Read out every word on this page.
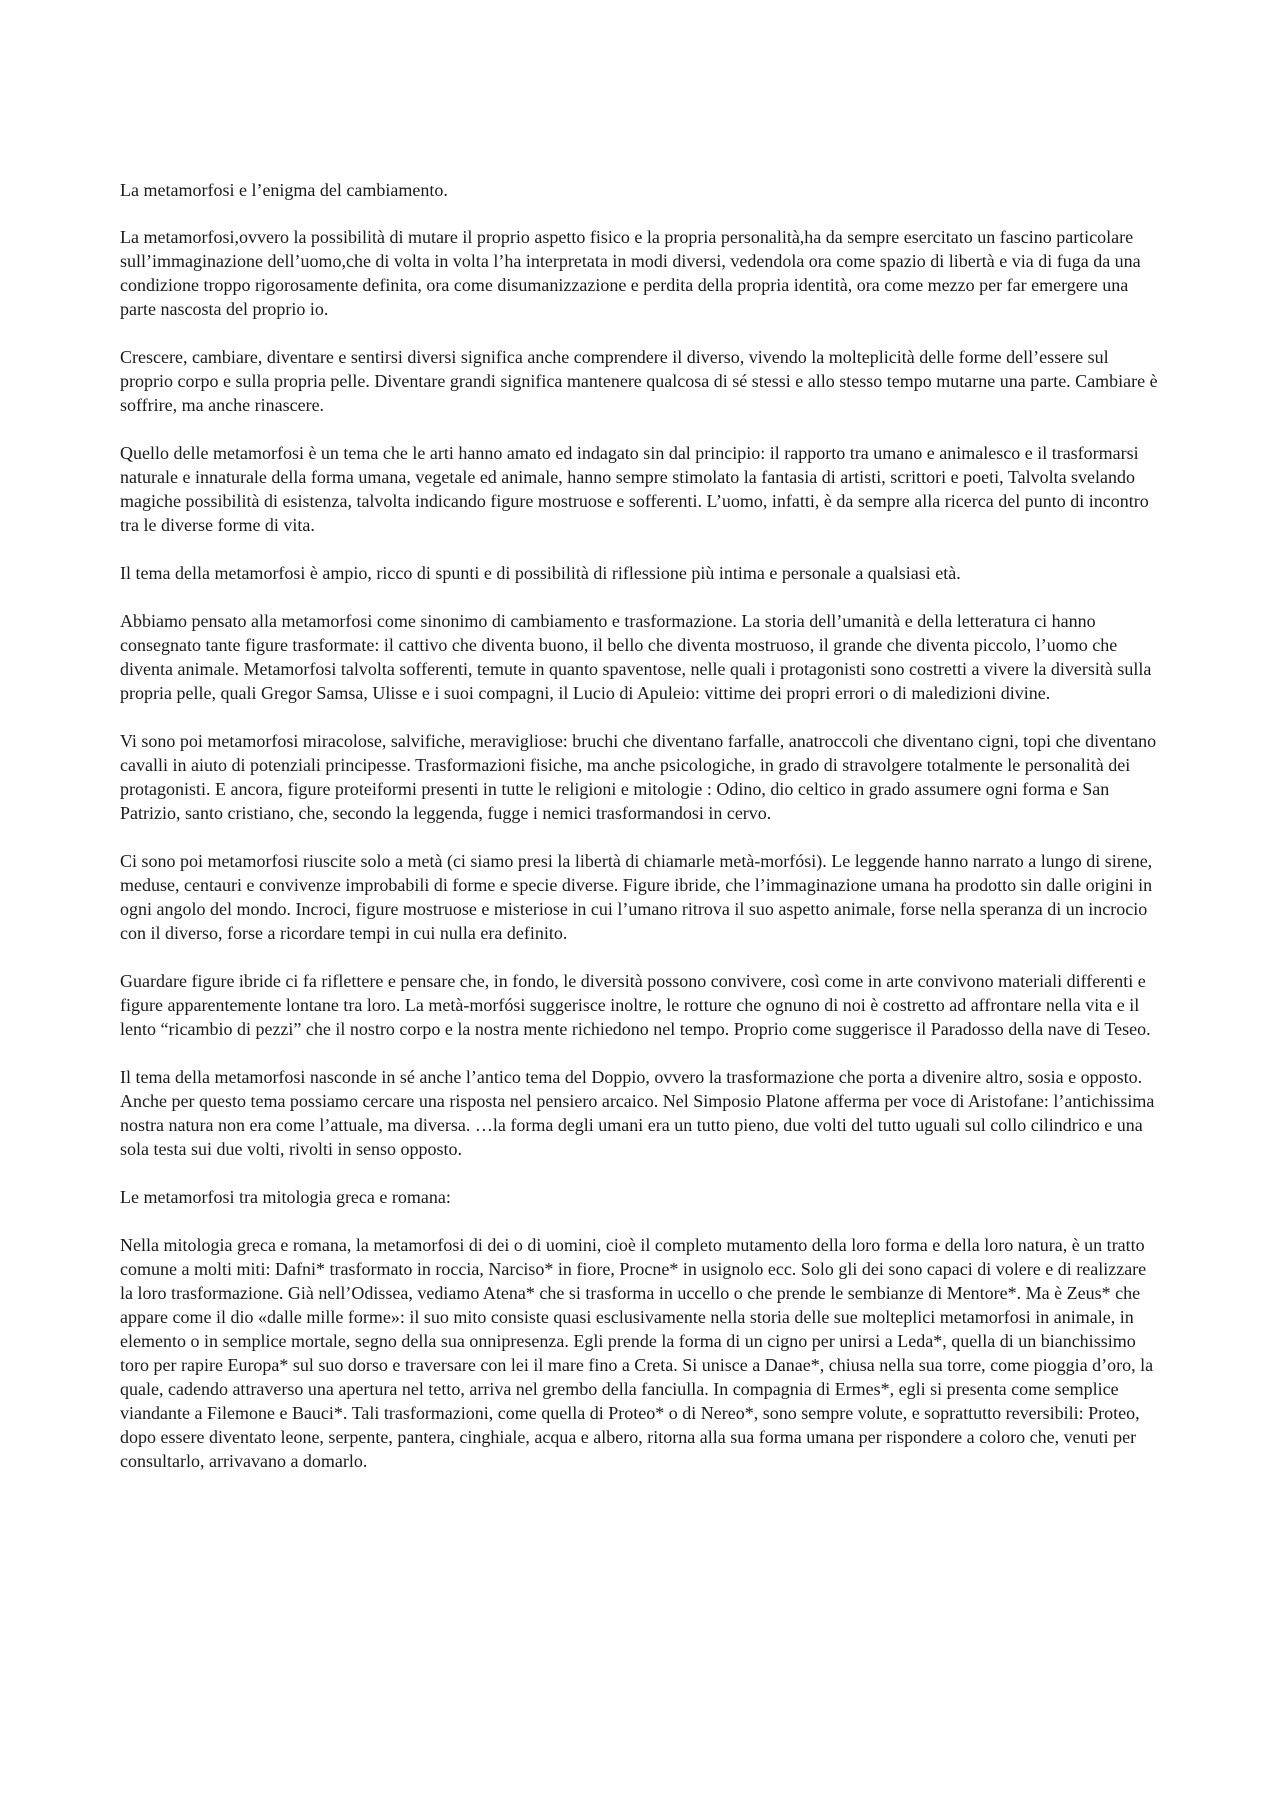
La metamorfosi e l’enigma del cambiamento.

La metamorfosi,ovvero la possibilità di mutare il proprio aspetto fisico e la propria personalità,ha da sempre esercitato un fascino particolare sull’immaginazione dell’uomo,che di volta in volta l’ha interpretata in modi diversi, vedendola ora come spazio di libertà e via di fuga da una condizione troppo rigorosamente definita, ora come disumanizzazione e perdita della propria identità, ora come mezzo per far emergere una parte nascosta del proprio io.

Crescere, cambiare, diventare e sentirsi diversi significa anche comprendere il diverso, vivendo la molteplicità delle forme dell’essere sul proprio corpo e sulla propria pelle. Diventare grandi significa mantenere qualcosa di sé stessi e allo stesso tempo mutarne una parte. Cambiare è soffrire, ma anche rinascere.

Quello delle metamorfosi è un tema che le arti hanno amato ed indagato sin dal principio: il rapporto tra umano e animalesco e il trasformarsi naturale e innaturale della forma umana, vegetale ed animale, hanno sempre stimolato la fantasia di artisti, scrittori e poeti, Talvolta svelando magiche possibilità di esistenza, talvolta indicando figure mostruose e sofferenti. L’uomo, infatti, è da sempre alla ricerca del punto di incontro tra le diverse forme di vita.

Il tema della metamorfosi è ampio, ricco di spunti e di possibilità di riflessione più intima e personale a qualsiasi età.

Abbiamo pensato alla metamorfosi come sinonimo di cambiamento e trasformazione. La storia dell’umanità e della letteratura ci hanno consegnato tante figure trasformate: il cattivo che diventa buono, il bello che diventa mostruoso, il grande che diventa piccolo, l’uomo che diventa animale. Metamorfosi talvolta sofferenti, temute in quanto spaventose, nelle quali i protagonisti sono costretti a vivere la diversità sulla propria pelle, quali Gregor Samsa, Ulisse e i suoi compagni, il Lucio di Apuleio: vittime dei propri errori o di maledizioni divine.

Vi sono poi metamorfosi miracolose, salvifiche, meravigliose: bruchi che diventano farfalle, anatroccoli che diventano cigni, topi che diventano cavalli in aiuto di potenziali principesse. Trasformazioni fisiche, ma anche psicologiche, in grado di stravolgere totalmente le personalità dei protagonisti. E ancora, figure proteiformi presenti in tutte le religioni e mitologie : Odino, dio celtico in grado assumere ogni forma e San Patrizio, santo cristiano, che, secondo la leggenda, fugge i nemici trasformandosi in cervo.

Ci sono poi metamorfosi riuscite solo a metà (ci siamo presi la libertà di chiamarle metà-morfósi). Le leggende hanno narrato a lungo di sirene, meduse, centauri e convivenze improbabili di forme e specie diverse. Figure ibride, che l’immaginazione umana ha prodotto sin dalle origini in ogni angolo del mondo. Incroci, figure mostruose e misteriose in cui l’umano ritrova il suo aspetto animale, forse nella speranza di un incrocio con il diverso, forse a ricordare tempi in cui nulla era definito.

Guardare figure ibride ci fa riflettere e pensare che, in fondo, le diversità possono convivere, così come in arte convivono materiali differenti e figure apparentemente lontane tra loro. La metà-morfósi suggerisce inoltre, le rotture che ognuno di noi è costretto ad affrontare nella vita e il lento “ricambio di pezzi” che il nostro corpo e la nostra mente richiedono nel tempo. Proprio come suggerisce il Paradosso della nave di Teseo.

Il tema della metamorfosi nasconde in sé anche l’antico tema del Doppio, ovvero la trasformazione che porta a divenire altro, sosia e opposto. Anche per questo tema possiamo cercare una risposta nel pensiero arcaico. Nel Simposio Platone afferma per voce di Aristofane: l’antichissima nostra natura non era come l’attuale, ma diversa. …la forma degli umani era un tutto pieno, due volti del tutto uguali sul collo cilindrico e una sola testa sui due volti, rivolti in senso opposto.

Le metamorfosi tra mitologia greca e romana:

Nella mitologia greca e romana, la metamorfosi di dei o di uomini, cioè il completo mutamento della loro forma e della loro natura, è un tratto comune a molti miti: Dafni* trasformato in roccia, Narciso* in fiore, Procne* in usignolo ecc. Solo gli dei sono capaci di volere e di realizzare la loro trasformazione. Già nell’Odissea, vediamo Atena* che si trasforma in uccello o che prende le sembianze di Mentore*. Ma è Zeus* che appare come il dio «dalle mille forme»: il suo mito consiste quasi esclusivamente nella storia delle sue molteplici metamorfosi in animale, in elemento o in semplice mortale, segno della sua onnipresenza. Egli prende la forma di un cigno per unirsi a Leda*, quella di un bianchissimo toro per rapire Europa* sul suo dorso e traversare con lei il mare fino a Creta. Si unisce a Danae*, chiusa nella sua torre, come pioggia d’oro, la quale, cadendo attraverso una apertura nel tetto, arriva nel grembo della fanciulla. In compagnia di Ermes*, egli si presenta come semplice viandante a Filemone e Bauci*. Tali trasformazioni, come quella di Proteo* o di Nereo*, sono sempre volute, e soprattutto reversibili: Proteo, dopo essere diventato leone, serpente, pantera, cinghiale, acqua e albero, ritorna alla sua forma umana per rispondere a coloro che, venuti per consultarlo, arrivavano a domarlo.
